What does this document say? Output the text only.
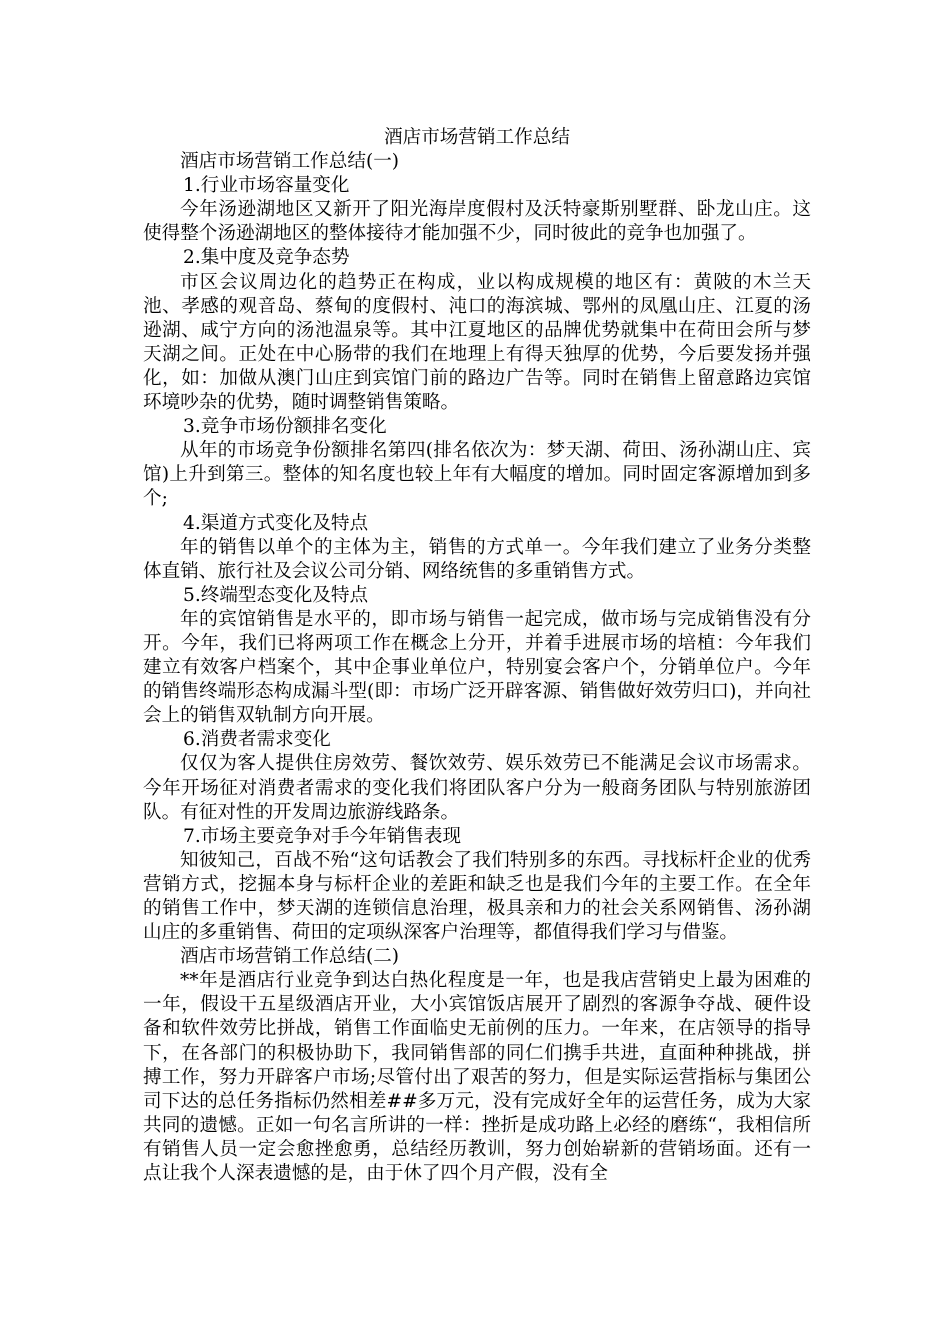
酒店市场营销工作总结

酒店市场营销工作总结(一)

1.行业市场容量变化

今年汤逊湖地区又新开了阳光海岸度假村及沃特豪斯别墅群、卧龙山庄。这使得整个汤逊湖地区的整体接待才能加强不少，同时彼此的竞争也加强了。

2.集中度及竞争态势

市区会议周边化的趋势正在构成，业以构成规模的地区有：黄陂的木兰天池、孝感的观音岛、蔡甸的度假村、沌口的海滨城、鄂州的凤凰山庄、江夏的汤逊湖、咸宁方向的汤池温泉等。其中江夏地区的品牌优势就集中在荷田会所与梦天湖之间。正处在中心肠带的我们在地理上有得天独厚的优势，今后要发扬并强化，如：加做从澳门山庄到宾馆门前的路边广告等。同时在销售上留意路边宾馆环境吵杂的优势，随时调整销售策略。

3.竞争市场份额排名变化

从年的市场竞争份额排名第四(排名依次为：梦天湖、荷田、汤孙湖山庄、宾馆)上升到第三。整体的知名度也较上年有大幅度的增加。同时固定客源增加到多个;

4.渠道方式变化及特点

年的销售以单个的主体为主，销售的方式单一。今年我们建立了业务分类整体直销、旅行社及会议公司分销、网络统售的多重销售方式。

5.终端型态变化及特点

年的宾馆销售是水平的，即市场与销售一起完成，做市场与完成销售没有分开。今年，我们已将两项工作在概念上分开，并着手进展市场的培植：今年我们建立有效客户档案个，其中企事业单位户，特别宴会客户个，分销单位户。今年的销售终端形态构成漏斗型(即：市场广泛开辟客源、销售做好效劳归口)，并向社会上的销售双轨制方向开展。

6.消费者需求变化

仅仅为客人提供住房效劳、餐饮效劳、娱乐效劳已不能满足会议市场需求。今年开场征对消费者需求的变化我们将团队客户分为一般商务团队与特别旅游团队。有征对性的开发周边旅游线路条。

7.市场主要竞争对手今年销售表现

知彼知己，百战不殆“这句话教会了我们特别多的东西。寻找标杆企业的优秀营销方式，挖掘本身与标杆企业的差距和缺乏也是我们今年的主要工作。在全年的销售工作中，梦天湖的连锁信息治理，极具亲和力的社会关系网销售、汤孙湖山庄的多重销售、荷田的定项纵深客户治理等，都值得我们学习与借鉴。

酒店市场营销工作总结(二)

**年是酒店行业竞争到达白热化程度是一年，也是我店营销史上最为困难的一年，假设干五星级酒店开业，大小宾馆饭店展开了剧烈的客源争夺战、硬件设备和软件效劳比拼战，销售工作面临史无前例的压力。一年来，在店领导的指导下，在各部门的积极协助下，我同销售部的同仁们携手共进，直面种种挑战，拼搏工作，努力开辟客户市场;尽管付出了艰苦的努力，但是实际运营指标与集团公司下达的总任务指标仍然相差##多万元，没有完成好全年的运营任务，成为大家共同的遗憾。正如一句名言所讲的一样：挫折是成功路上必经的磨练“，我相信所有销售人员一定会愈挫愈勇，总结经历教训，努力创始崭新的营销场面。还有一点让我个人深表遗憾的是，由于休了四个月产假，没有全
